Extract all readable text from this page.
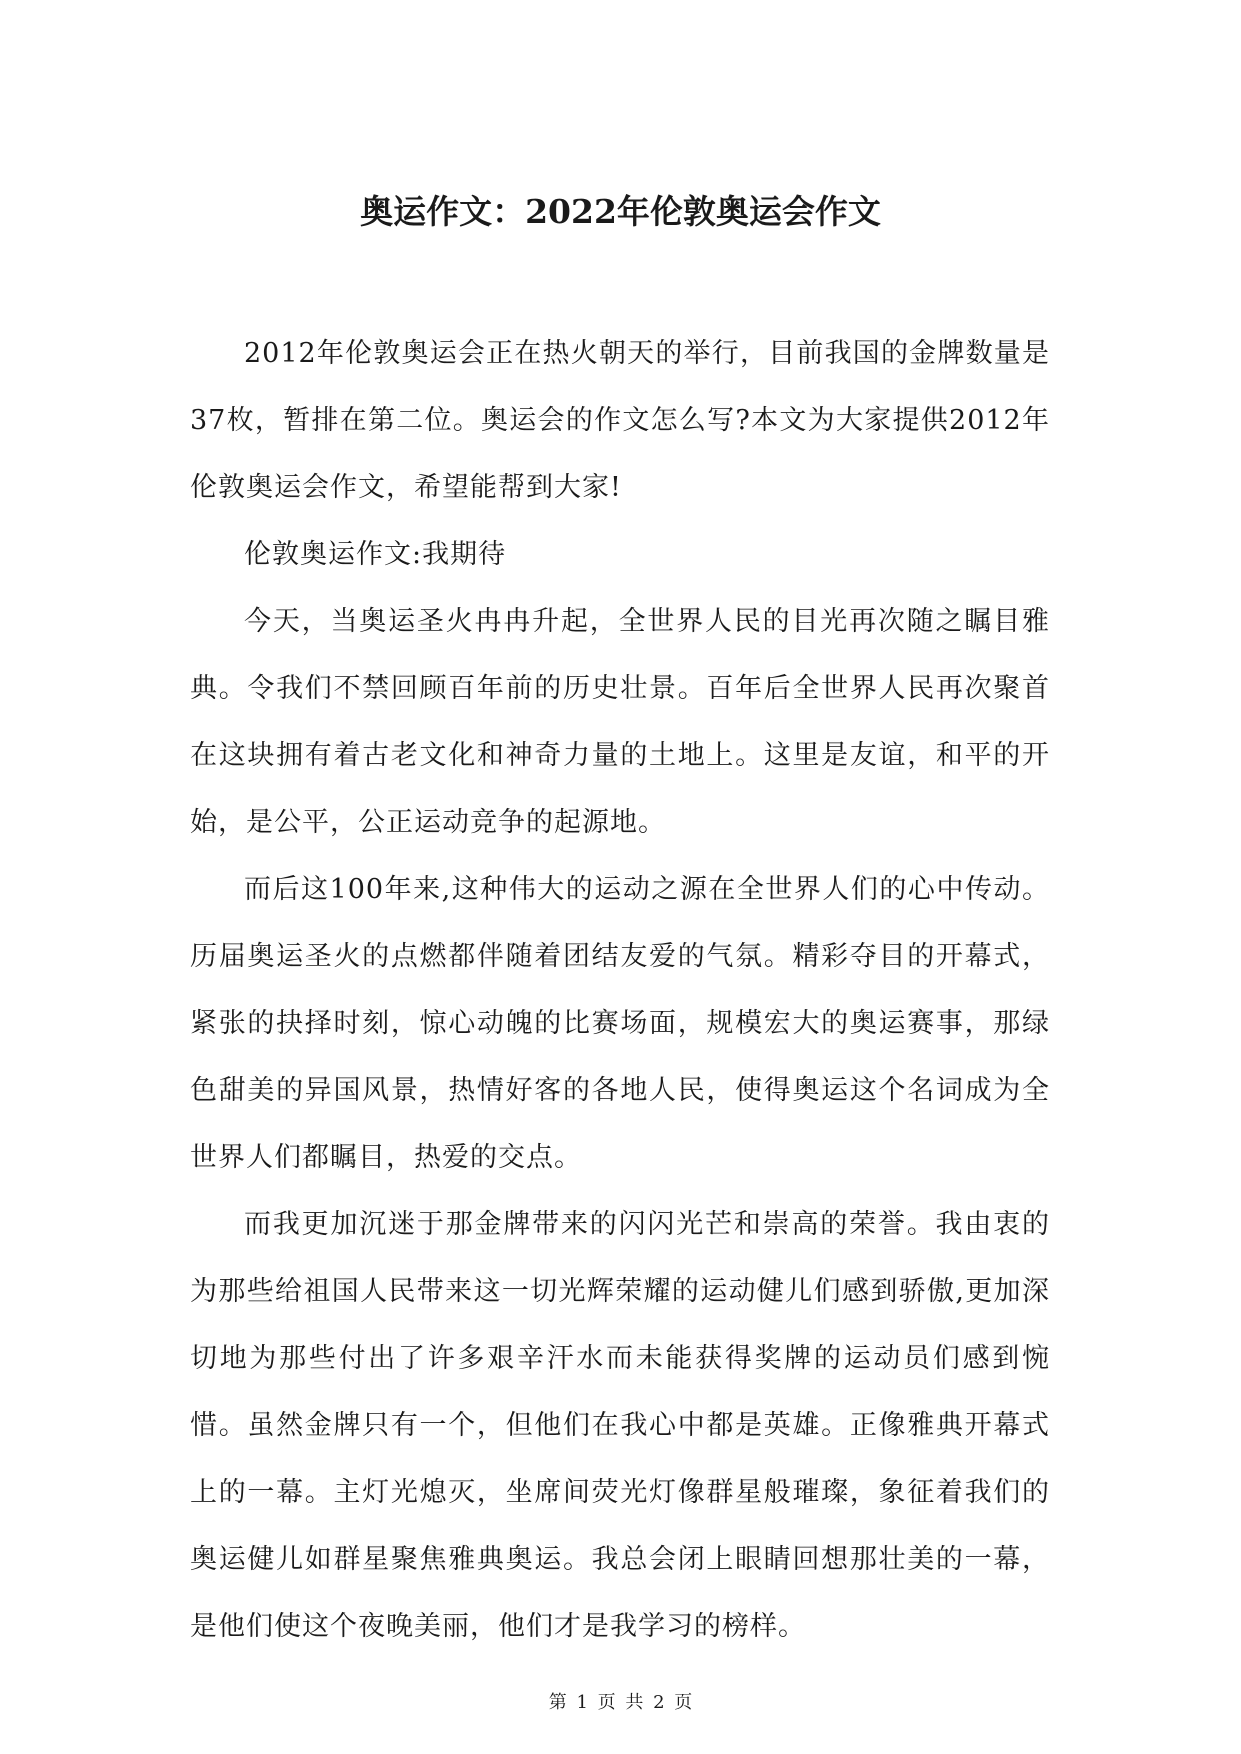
奥运作文：2022年伦敦奥运会作文

2012年伦敦奥运会正在热火朝天的举行，目前我国的金牌数量是37枚，暂排在第二位。奥运会的作文怎么写?本文为大家提供2012年伦敦奥运会作文，希望能帮到大家!

伦敦奥运作文:我期待

今天，当奥运圣火冉冉升起，全世界人民的目光再次随之瞩目雅典。令我们不禁回顾百年前的历史壮景。百年后全世界人民再次聚首在这块拥有着古老文化和神奇力量的土地上。这里是友谊，和平的开始，是公平，公正运动竞争的起源地。

而后这100年来,这种伟大的运动之源在全世界人们的心中传动。历届奥运圣火的点燃都伴随着团结友爱的气氛。精彩夺目的开幕式，紧张的抉择时刻，惊心动魄的比赛场面，规模宏大的奥运赛事，那绿色甜美的异国风景，热情好客的各地人民，使得奥运这个名词成为全世界人们都瞩目，热爱的交点。

而我更加沉迷于那金牌带来的闪闪光芒和崇高的荣誉。我由衷的为那些给祖国人民带来这一切光辉荣耀的运动健儿们感到骄傲,更加深切地为那些付出了许多艰辛汗水而未能获得奖牌的运动员们感到惋惜。虽然金牌只有一个，但他们在我心中都是英雄。正像雅典开幕式上的一幕。主灯光熄灭，坐席间荧光灯像群星般璀璨，象征着我们的奥运健儿如群星聚焦雅典奥运。我总会闭上眼睛回想那壮美的一幕，是他们使这个夜晚美丽，他们才是我学习的榜样。

第 1 页 共 2 页
